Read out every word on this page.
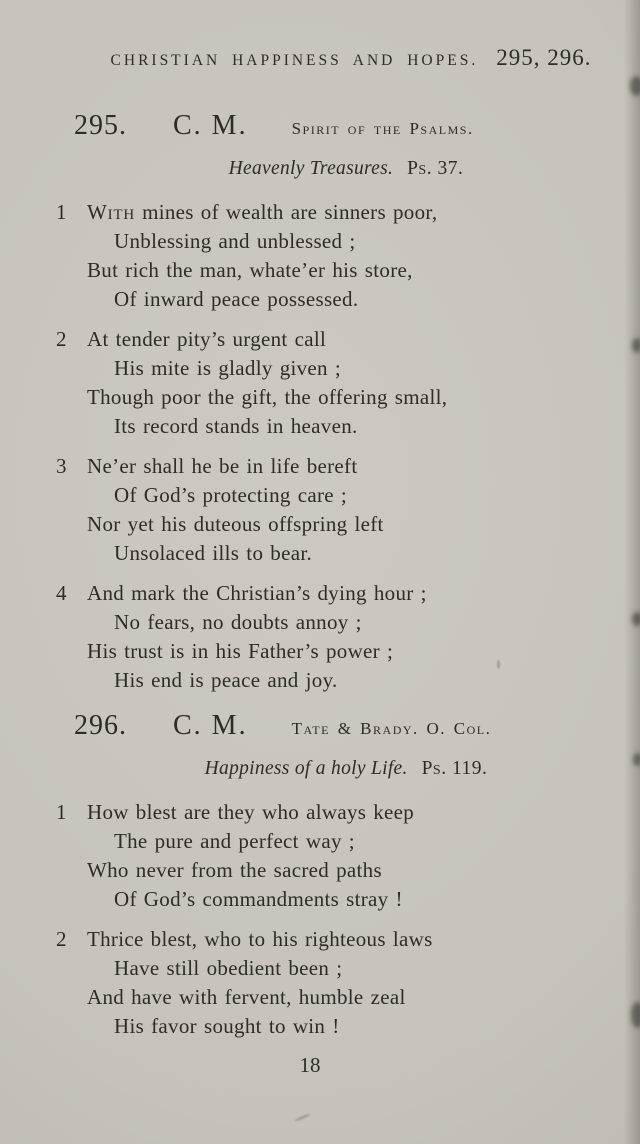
CHRISTIAN HAPPINESS AND HOPES. 295, 296.
295. C. M.	Spirit of the Psalms.
Heavenly Treasures. Ps. 37.
1 With mines of wealth are sinners poor,
Unblessing and unblessed ;
But rich the man, whate’er his store,
Of inward peace possessed.
2 At tender pity’s urgent call
His mite is gladly given ;
Though poor the gift, the offering small,
Its record stands in heaven.
3 Ne’er shall he be in life bereft
Of God’s protecting care ;
Nor yet his duteous offspring left
Unsolaced ills to bear.
4 And mark the Christian’s dying hour ;
No fears, no doubts annoy ;
His trust is in his Father’s power ;
His end is peace and joy.
296. C. M.	Tate & Brady. O. Col.
Happiness of a holy Life. Ps. 119.
1 How blest are they who always keep
The pure and perfect way ;
Who never from the sacred paths
Of God’s commandments stray !
2 Thrice blest, who to his righteous laws
Have still obedient been ;
And have with fervent, humble zeal
His favor sought to win !
18
